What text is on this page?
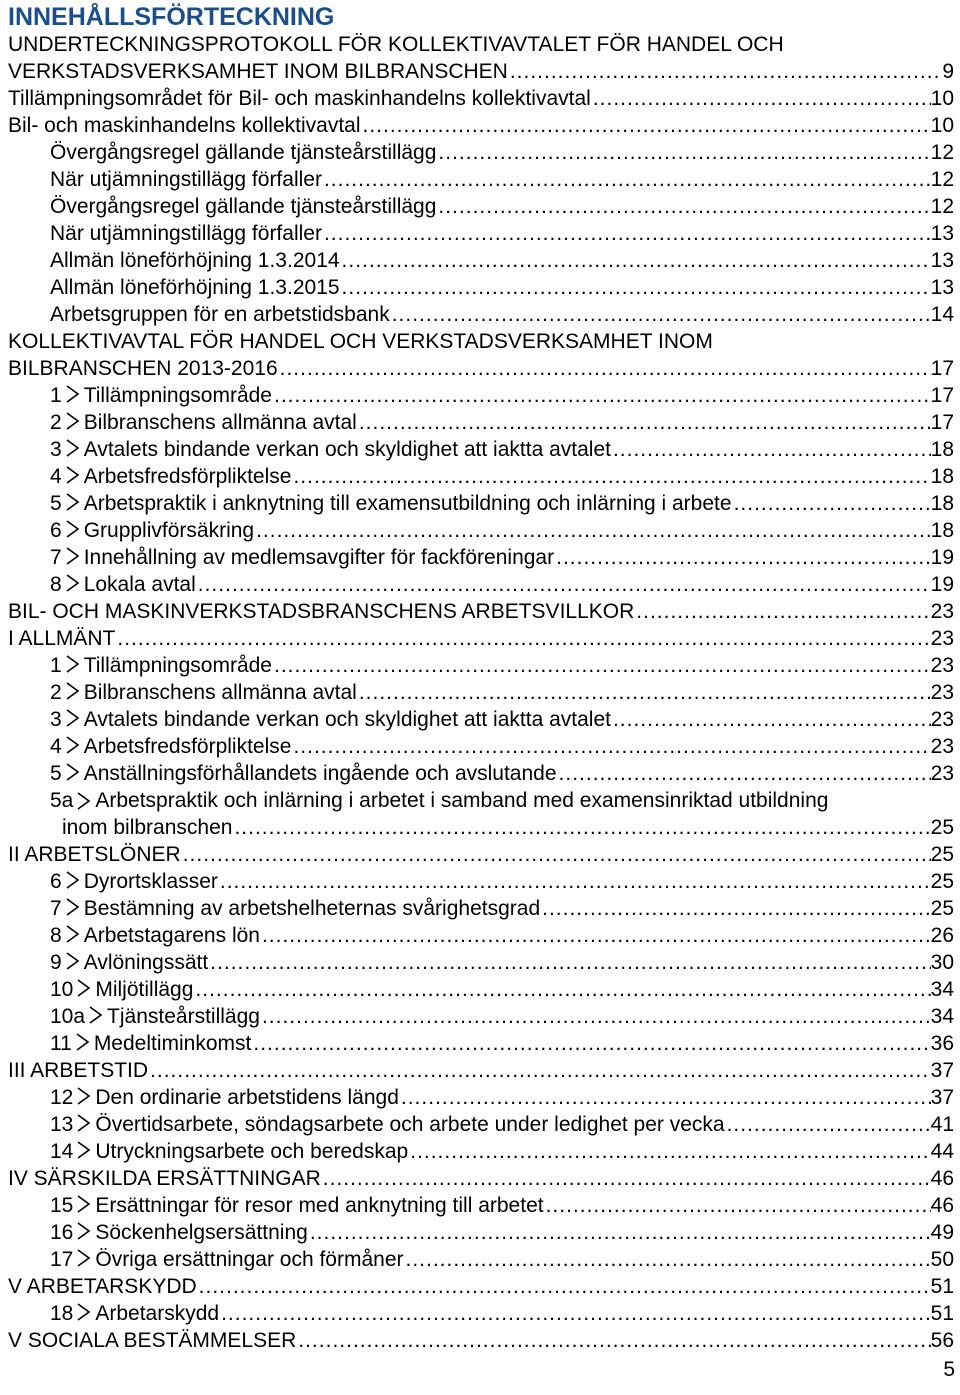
INNEHÅLLSFÖRTECKNING
UNDERTECKNINGSPROTOKOLL FÖR KOLLEKTIVAVTALET FÖR HANDEL OCH
VERKSTADSVERKSAMHET INOM BILBRANSCHEN .....	9
Tillämpningsområdet för Bil- och maskinhandelns kollektivavtal .....	10
Bil- och maskinhandelns kollektivavtal .....	10
Övergångsregel gällande tjänsteårstillägg .....	12
När utjämningstillägg förfaller .....	12
Övergångsregel gällande tjänsteårstillägg .....	12
När utjämningstillägg förfaller .....	13
Allmän löneförhöjning 1.3.2014 .....	13
Allmän löneförhöjning 1.3.2015 .....	13
Arbetsgruppen för en arbetstidsbank .....	14
KOLLEKTIVAVTAL FÖR HANDEL OCH VERKSTADSVERKSAMHET INOM
BILBRANSCHEN 2013-2016 .....	17
1 Tillämpningsområde .....	17
2 Bilbranschens allmänna avtal .....	17
3 Avtalets bindande verkan och skyldighet att iaktta avtalet .....	18
4 Arbetsfredsförpliktelse .....	18
5 Arbetspraktik i anknytning till examensutbildning och inlärning i arbete .....	18
6 Grupplivförsäkring .....	18
7 Innehållning av medlemsavgifter för fackföreningar .....	19
8 Lokala avtal .....	19
BIL- OCH MASKINVERKSTADSBRANSCHENS ARBETSVILLKOR .....	23
I ALLMÄNT .....	23
1 Tillämpningsområde .....	23
2 Bilbranschens allmänna avtal .....	23
3 Avtalets bindande verkan och skyldighet att iaktta avtalet .....	23
4 Arbetsfredsförpliktelse .....	23
5 Anställningsförhållandets ingående och avslutande .....	23
5a Arbetspraktik och inlärning i arbetet i samband med examensinriktad utbildning
inom bilbranschen .....	25
II ARBETSLÖNER .....	25
6 Dyrortsklasser .....	25
7 Bestämning av arbetshelheternas svårighetsgrad .....	25
8 Arbetstagarens lön .....	26
9 Avlöningssätt .....	30
10 Miljötillägg .....	34
10a Tjänsteårstillägg .....	34
11 Medeltiminkomst .....	36
III ARBETSTID .....	37
12 Den ordinarie arbetstidens längd .....	37
13 Övertidsarbete, söndagsarbete och arbete under ledighet per vecka .....	41
14 Utryckningsarbete och beredskap .....	44
IV SÄRSKILDA ERSÄTTNINGAR .....	46
15 Ersättningar för resor med anknytning till arbetet .....	46
16 Söckenhelgsersättning .....	49
17 Övriga ersättningar och förmåner .....	50
V ARBETARSKYDD .....	51
18 Arbetarskydd .....	51
V SOCIALA BESTÄMMELSER .....	56
5
